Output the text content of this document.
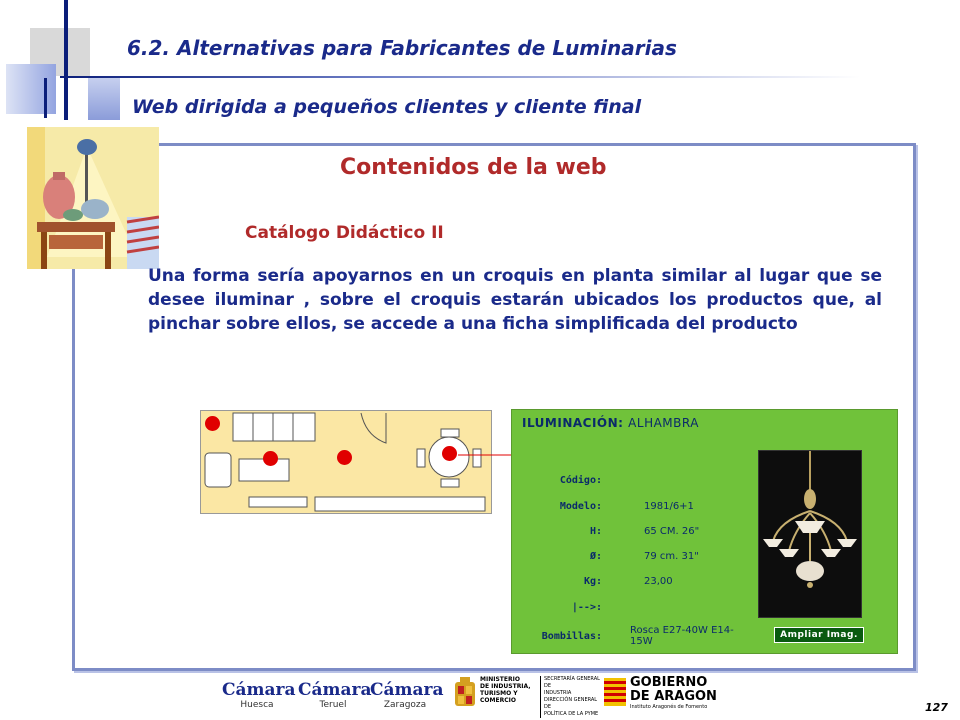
6.2. Alternativas para Fabricantes de Luminarias
Web dirigida a pequeños clientes y cliente final
Contenidos de la web
Catálogo Didáctico II
Una forma sería apoyarnos en un croquis en planta similar al lugar que se desee iluminar , sobre el croquis estarán ubicados los productos que, al pinchar sobre ellos, se accede a una ficha simplificada del producto
ILUMINACIÓN: ALHAMBRA
Código:
Modelo:	1981/6+1
H:	65 CM. 26"
Ø:	79 cm. 31"
Kg:	23,00
|-->:
Bombillas:
Rosca E27-40W E14-15W
Ampliar Imag.
Cámara
Huesca
Cámara
Teruel
Cámara
Zaragoza
MINISTERIO
DE INDUSTRIA,
TURISMO Y
COMERCIO
SECRETARÍA GENERAL DE
INDUSTRIA
DIRECCIÓN GENERAL DE
POLÍTICA DE LA PYME
GOBIERNO
DE ARAGON
Instituto Aragonés de Fomento	127
